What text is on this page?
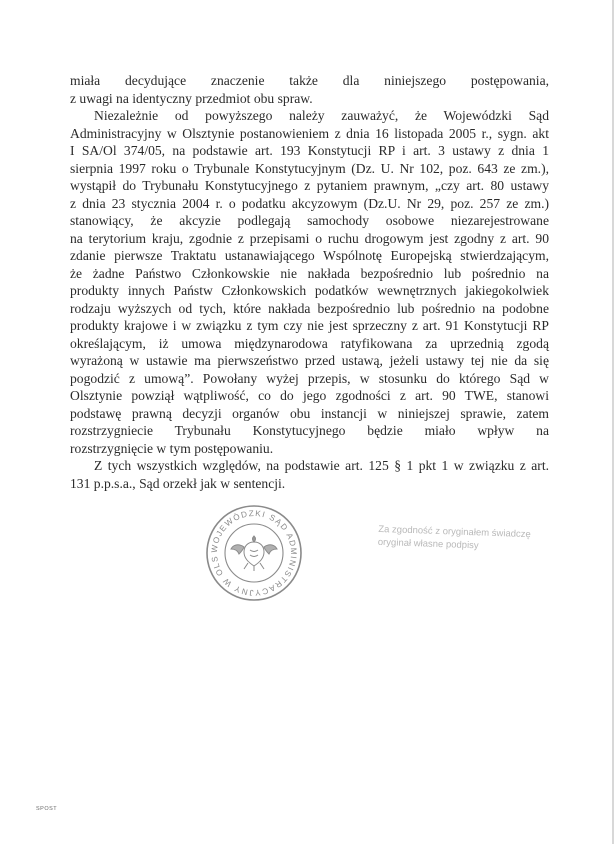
miała decydujące znaczenie także dla niniejszego postępowania,
z uwagi na identyczny przedmiot obu spraw.
Niezależnie od powyższego należy zauważyć, że Wojewódzki Sąd
Administracyjny w Olsztynie postanowieniem z dnia 16 listopada 2005 r., sygn. akt
I SA/Ol 374/05, na podstawie art. 193 Konstytucji RP i art. 3 ustawy z dnia 1
sierpnia 1997 roku o Trybunale Konstytucyjnym (Dz. U. Nr 102, poz. 643 ze zm.),
wystąpił do Trybunału Konstytucyjnego z pytaniem prawnym, „czy art. 80 ustawy
z dnia 23 stycznia 2004 r. o podatku akcyzowym (Dz.U. Nr 29, poz. 257 ze zm.)
stanowiący, że akcyzie podlegają samochody osobowe niezarejestrowane
na terytorium kraju, zgodnie z przepisami o ruchu drogowym jest zgodny z art. 90
zdanie pierwsze Traktatu ustanawiającego Wspólnotę Europejską stwierdzającym,
że żadne Państwo Członkowskie nie nakłada bezpośrednio lub pośrednio na
produkty innych Państw Członkowskich podatków wewnętrznych jakiegokolwiek
rodzaju wyższych od tych, które nakłada bezpośrednio lub pośrednio na podobne
produkty krajowe i w związku z tym czy nie jest sprzeczny z art. 91 Konstytucji RP
określającym, iż umowa międzynarodowa ratyfikowana za uprzednią zgodą
wyrażoną w ustawie ma pierwszeństwo przed ustawą, jeżeli ustawy tej nie da się
pogodzić z umową”. Powołany wyżej przepis, w stosunku do którego Sąd w
Olsztynie powziął wątpliwość, co do jego zgodności z art. 90 TWE, stanowi
podstawę prawną decyzji organów obu instancji w niniejszej sprawie, zatem
rozstrzygniecie Trybunału Konstytucyjnego będzie miało wpływ na
rozstrzygnięcie w tym postępowaniu.
Z tych wszystkich względów, na podstawie art. 125 § 1 pkt 1 w związku z art.
131 p.p.s.a., Sąd orzekł jak w sentencji.
WOJEWÓDZKI SĄD ADMINISTRACYJNY W OLS
Za zgodność z oryginałem świadczę
oryginał własne podpisy
SPOST
